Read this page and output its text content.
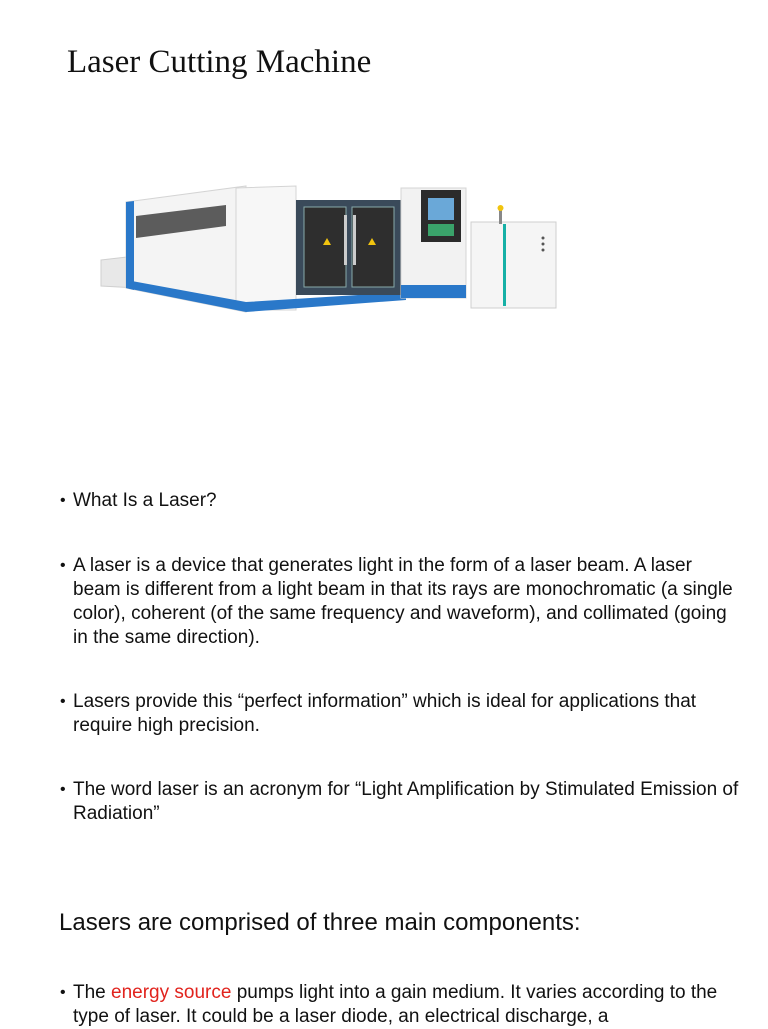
Laser Cutting Machine
• What Is a Laser?
• A laser is a device that generates light in the form of a laser beam. A laser beam is different from a light beam in that its rays are monochromatic (a single color), coherent (of the same frequency and waveform), and collimated (going in the same direction).
• Lasers provide this “perfect information” which is ideal for applications that require high precision.
• The word laser is an acronym for “Light Amplification by Stimulated Emission of Radiation”
Lasers are comprised of three main components:
• The energy source pumps light into a gain medium. It varies according to the type of laser. It could be a laser diode, an electrical discharge, a
